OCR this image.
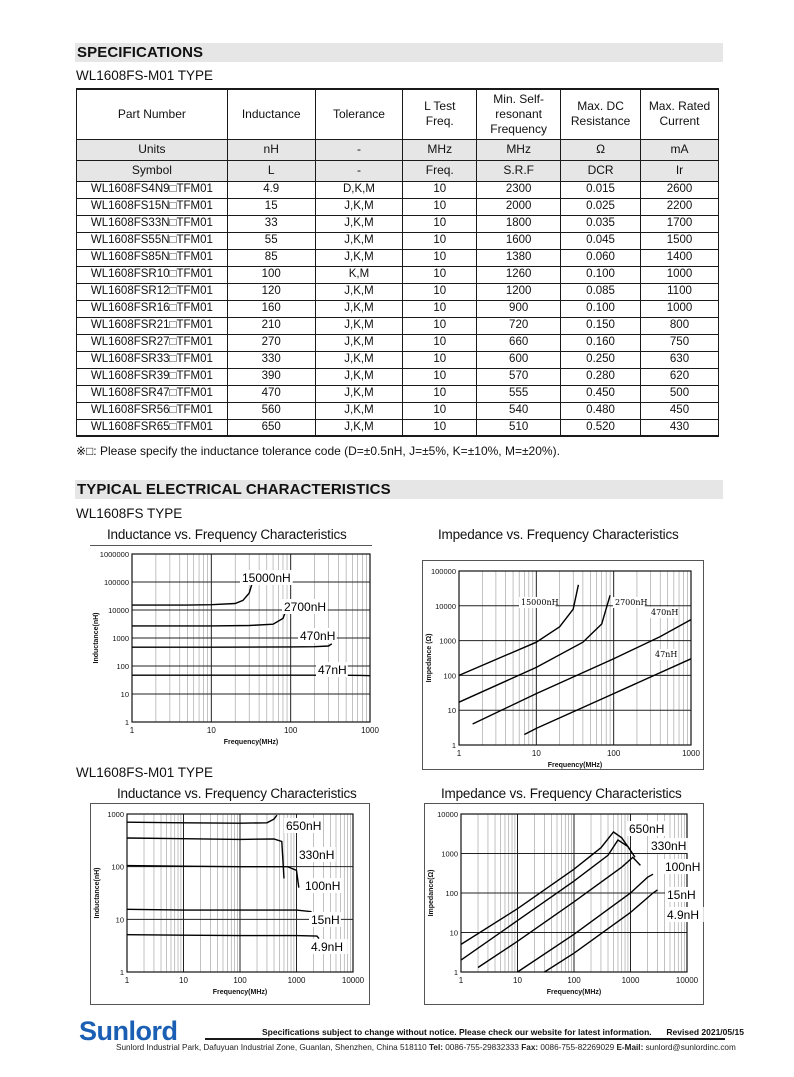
SPECIFICATIONS
WL1608FS-M01 TYPE
Part Number	Inductance	Tolerance	L Test Freq.	Min. Self-resonant Frequency	Max. DC Resistance	Max. Rated Current

Units	nH	-	MHz	MHz	Ω	mA
Symbol	L	-	Freq.	S.R.F	DCR	Ir
WL1608FS4N9□TFM01	4.9	D,K,M	10	2300	0.015	2600
WL1608FS15N□TFM01	15	J,K,M	10	2000	0.025	2200
WL1608FS33N□TFM01	33	J,K,M	10	1800	0.035	1700
WL1608FS55N□TFM01	55	J,K,M	10	1600	0.045	1500
WL1608FS85N□TFM01	85	J,K,M	10	1380	0.060	1400
WL1608FSR10□TFM01	100	K,M	10	1260	0.100	1000
WL1608FSR12□TFM01	120	J,K,M	10	1200	0.085	1100
WL1608FSR16□TFM01	160	J,K,M	10	900	0.100	1000
WL1608FSR21□TFM01	210	J,K,M	10	720	0.150	800
WL1608FSR27□TFM01	270	J,K,M	10	660	0.160	750
WL1608FSR33□TFM01	330	J,K,M	10	600	0.250	630
WL1608FSR39□TFM01	390	J,K,M	10	570	0.280	620
WL1608FSR47□TFM01	470	J,K,M	10	555	0.450	500
WL1608FSR56□TFM01	560	J,K,M	10	540	0.480	450
WL1608FSR65□TFM01	650	J,K,M	10	510	0.520	430
※□: Please specify the inductance tolerance code (D=±0.5nH, J=±5%, K=±10%, M=±20%).
TYPICAL ELECTRICAL CHARACTERISTICS
WL1608FS TYPE
Inductance vs. Frequency Characteristics	Impedance vs. Frequency Characteristics
1
10
100
1000
10000
100000
1000000
1	10	100	1000
Frequency(MHz)
Inductance(nH)
15000nH
2700nH
470nH
47nH
1
10
100
1000
10000
100000
1	10	100	1000
Frequency(MHz)
Impedance (Ω)
15000nH	2700nH
470nH
47nH
WL1608FS-M01 TYPE
Inductance vs. Frequency Characteristics	Impedance vs. Frequency Characteristics
1
10
100
1000
1	10	100	1000	10000
Frequency(MHz)
Inductance(nH)
650nH
330nH
100nH
15nH
4.9nH
1
10
100
1000
10000
1	10	100	1000	10000
Frequency(MHz)
Impedance(Ω)
650nH
330nH
100nH
15nH
4.9nH
Sunlord	Specifications subject to change without notice. Please check our website for latest information. Revised 2021/05/15
Sunlord Industrial Park, Dafuyuan Industrial Zone, Guanlan, Shenzhen, China 518110 Tel: 0086-755-29832333 Fax: 0086-755-82269029 E-Mail: sunlord@sunlordinc.com
